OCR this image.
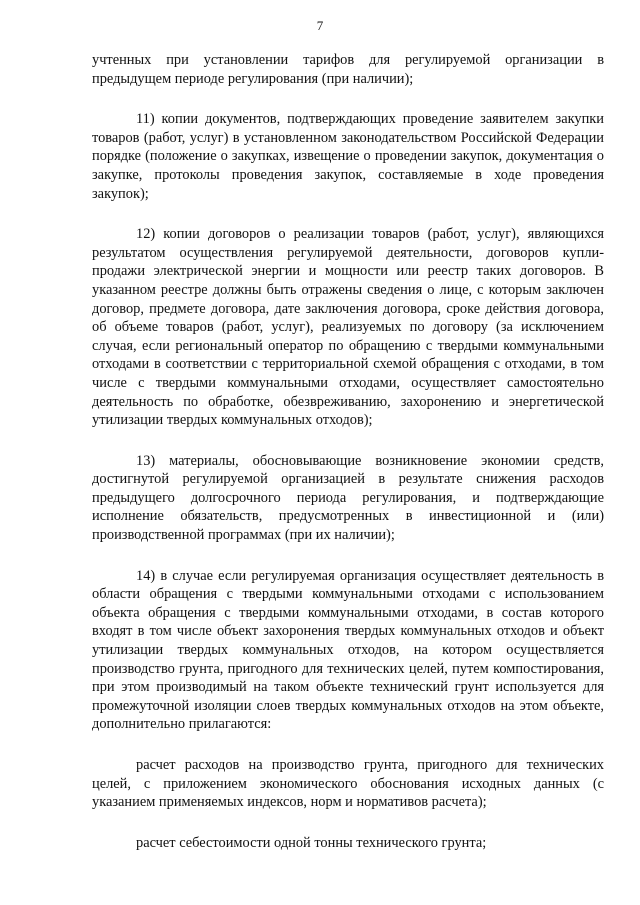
7

учтенных при установлении тарифов для регулируемой организации в предыдущем периоде регулирования (при наличии);

11) копии документов, подтверждающих проведение заявителем закупки товаров (работ, услуг) в установленном законодательством Российской Федерации порядке (положение о закупках, извещение о проведении закупок, документация о закупке, протоколы проведения закупок, составляемые в ходе проведения закупок);

12) копии договоров о реализации товаров (работ, услуг), являющихся результатом осуществления регулируемой деятельности, договоров купли-продажи электрической энергии и мощности или реестр таких договоров. В указанном реестре должны быть отражены сведения о лице, с которым заключен договор, предмете договора, дате заключения договора, сроке действия договора, об объеме товаров (работ, услуг), реализуемых по договору (за исключением случая, если региональный оператор по обращению с твердыми коммунальными отходами в соответствии с территориальной схемой обращения с отходами, в том числе с твердыми коммунальными отходами, осуществляет самостоятельно деятельность по обработке, обезвреживанию, захоронению и энергетической утилизации твердых коммунальных отходов);

13) материалы, обосновывающие возникновение экономии средств, достигнутой регулируемой организацией в результате снижения расходов предыдущего долгосрочного периода регулирования, и подтверждающие исполнение обязательств, предусмотренных в инвестиционной и (или) производственной программах (при их наличии);

14) в случае если регулируемая организация осуществляет деятельность в области обращения с твердыми коммунальными отходами с использованием объекта обращения с твердыми коммунальными отходами, в состав которого входят в том числе объект захоронения твердых коммунальных отходов и объект утилизации твердых коммунальных отходов, на котором осуществляется производство грунта, пригодного для технических целей, путем компостирования, при этом производимый на таком объекте технический грунт используется для промежуточной изоляции слоев твердых коммунальных отходов на этом объекте, дополнительно прилагаются:

расчет расходов на производство грунта, пригодного для технических целей, с приложением экономического обоснования исходных данных (с указанием применяемых индексов, норм и нормативов расчета);

расчет себестоимости одной тонны технического грунта;
